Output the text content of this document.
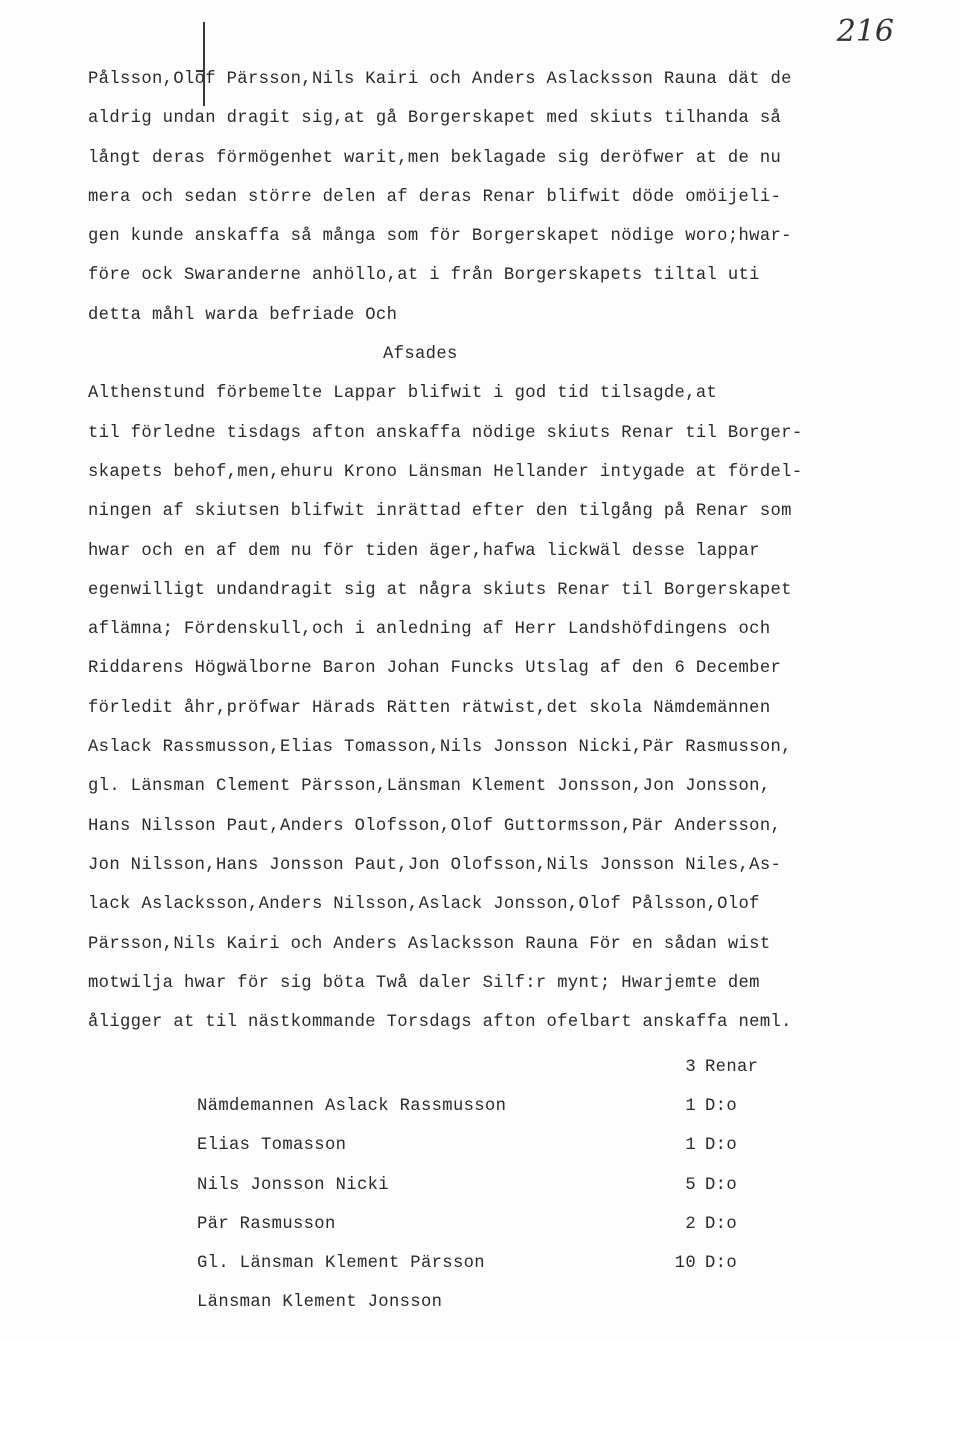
216
Pålsson,Olof Pärsson,Nils Kairi och Anders Aslacksson Rauna dät de
aldrig undan dragit sig,at gå Borgerskapet med skiuts tilhanda så
långt deras förmögenhet warit,men beklagade sig deröfwer at de nu
mera och sedan större delen af deras Renar blifwit döde omöijeli-
gen kunde anskaffa så många som för Borgerskapet nödige woro;hwar-
före ock Swaranderne anhöllo,at i från Borgerskapets tiltal uti
detta måhl warda befriade Och
Afsades
Althenstund förbemelte Lappar blifwit i god tid tilsagde,at
til förledne tisdags afton anskaffa nödige skiuts Renar til Borger-
skapets behof,men,ehuru Krono Länsman Hellander intygade at fördel-
ningen af skiutsen blifwit inrättad efter den tilgång på Renar som
hwar och en af dem nu för tiden äger,hafwa lickwäl desse lappar
egenwilligt undandragit sig at några skiuts Renar til Borgerskapet
aflämna; Fördenskull,och i anledning af Herr Landshöfdingens och
Riddarens Högwälborne Baron Johan Funcks Utslag af den 6 December
förledit åhr,pröfwar Härads Rätten rätwist,det skola Nämdemännen
Aslack Rassmusson,Elias Tomasson,Nils Jonsson Nicki,Pär Rasmusson,
gl. Länsman Clement Pärsson,Länsman Klement Jonsson,Jon Jonsson,
Hans Nilsson Paut,Anders Olofsson,Olof Guttormsson,Pär Andersson,
Jon Nilsson,Hans Jonsson Paut,Jon Olofsson,Nils Jonsson Niles,As-
lack Aslacksson,Anders Nilsson,Aslack Jonsson,Olof Pålsson,Olof
Pärsson,Nils Kairi och Anders Aslacksson Rauna För en sådan wist
motwilja hwar för sig böta Twå daler Silf:r mynt; Hwarjemte dem
åligger at til nästkommande Torsdags afton ofelbart anskaffa neml.

Nämdemannen Aslack Rassmusson

3

Renar

Elias Tomasson

1

D:o

Nils Jonsson Nicki

1

D:o

Pär Rasmusson

5

D:o

Gl. Länsman Klement Pärsson

2

D:o

Länsman Klement Jonsson

10

D:o
